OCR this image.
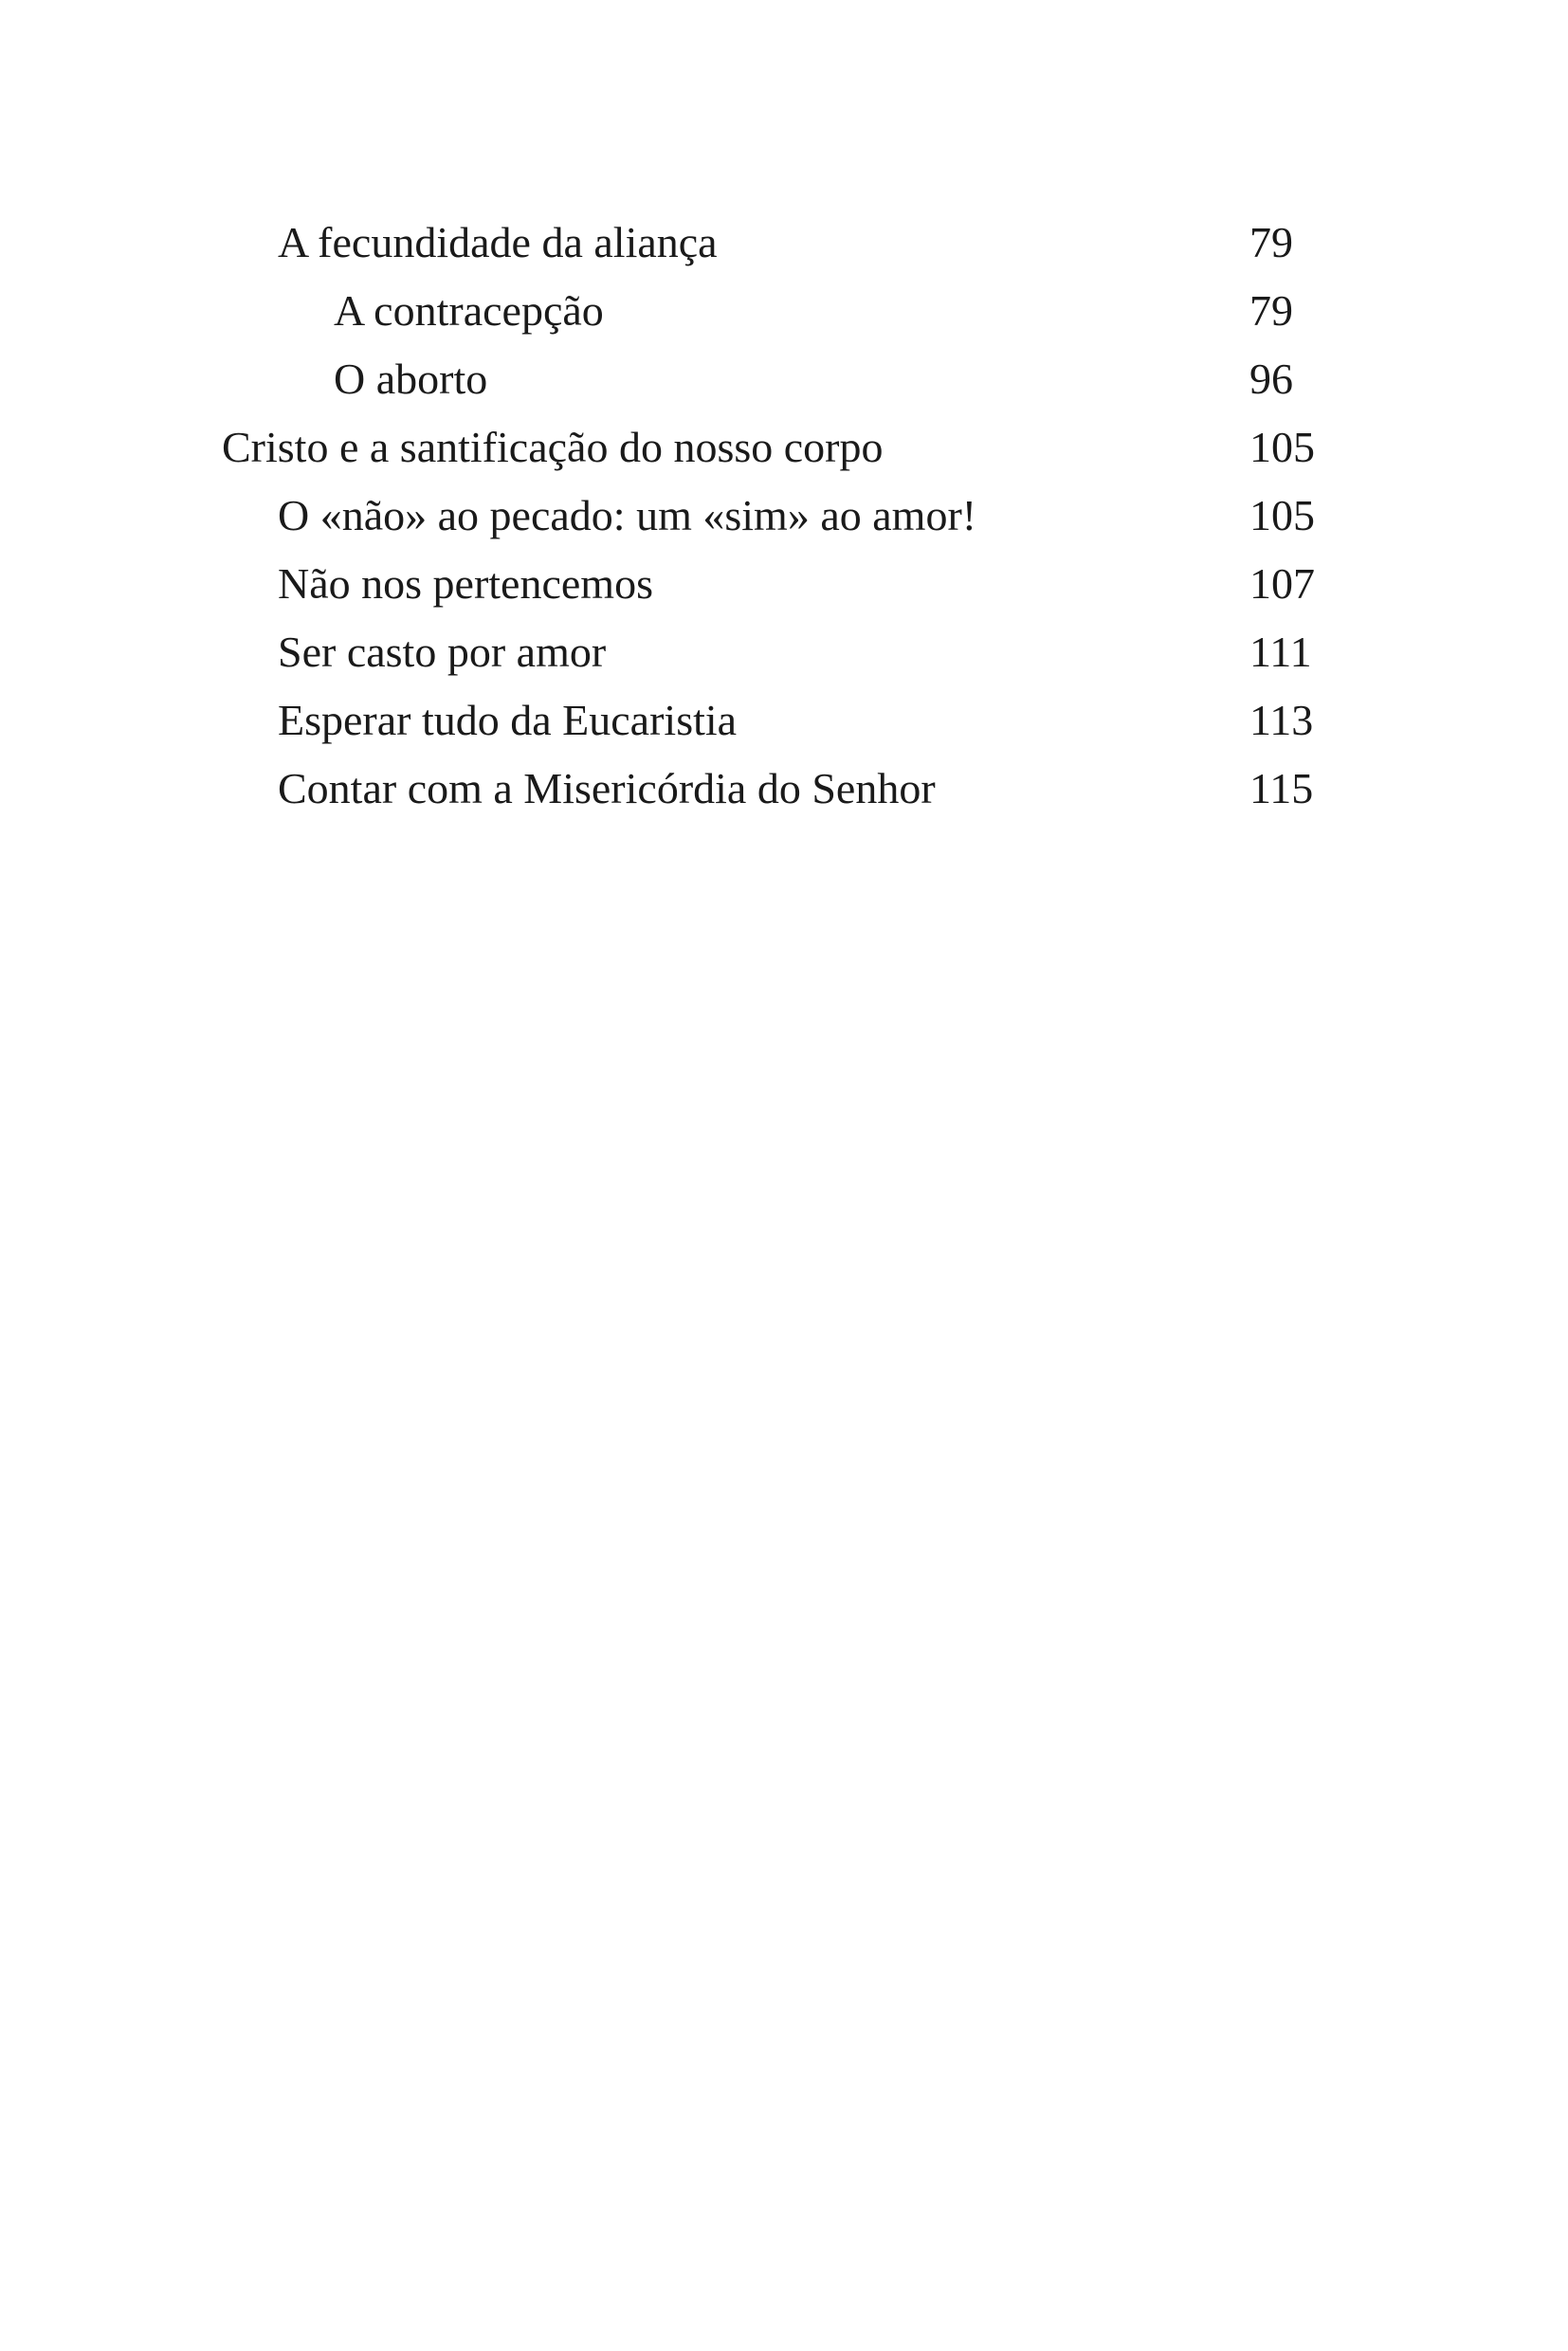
A fecundidade da aliança	79
A contracepção	79
O aborto	96
Cristo e a santificação do nosso corpo	105
O «não» ao pecado: um «sim» ao amor!	105
Não nos pertencemos	107
Ser casto por amor	111
Esperar tudo da Eucaristia	113
Contar com a Misericórdia do Senhor	115
